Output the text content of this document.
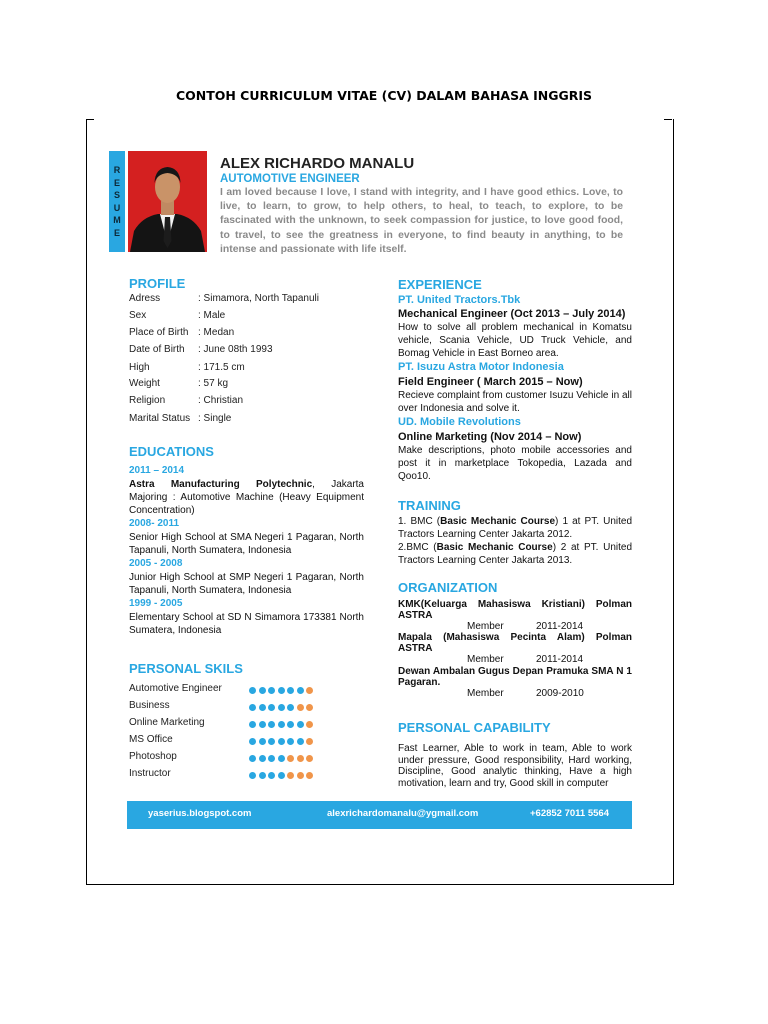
CONTOH CURRICULUM VITAE (CV) DALAM BAHASA INGGRIS
R
E
S
U
M
E
ALEX RICHARDO MANALU
AUTOMOTIVE ENGINEER
I am loved because I love, I stand with integrity, and I have good ethics. Love, to live, to learn, to grow, to help others, to heal, to teach, to explore, to be fascinated with the unknown, to seek compassion for justice, to love good food, to travel, to see the greatness in everyone, to find beauty in anything, to be intense and passionate with life itself.
PROFILE
Adress	: Simamora, North Tapanuli
Sex	: Male
Place of Birth : Medan
Date of Birth : June 08th 1993
High	: 171.5 cm
Weight	: 57 kg
Religion	: Christian
Marital Status : Single
EDUCATIONS
2011 – 2014
Astra Manufacturing Polytechnic, Jakarta Majoring : Automotive Machine (Heavy Equipment Concentration)
2008- 2011
Senior High School at SMA Negeri 1 Pagaran, North Tapanuli, North Sumatera, Indonesia
2005 - 2008
Junior High School at SMP Negeri 1 Pagaran, North Tapanuli, North Sumatera, Indonesia
1999 - 2005
Elementary School at SD N Simamora 173381 North Sumatera, Indonesia
PERSONAL SKILS
Automotive Engineer
Business
Online Marketing
MS Office
Photoshop
Instructor
EXPERIENCE
PT. United Tractors.Tbk
Mechanical Engineer (Oct 2013 – July 2014)
How to solve all problem mechanical in Komatsu vehicle, Scania Vehicle, UD Truck Vehicle, and Bomag Vehicle in East Borneo area.
PT. Isuzu Astra Motor Indonesia
Field Engineer ( March 2015 – Now)
Recieve complaint from customer Isuzu Vehicle in all over Indonesia and solve it.
UD. Mobile Revolutions
Online Marketing (Nov 2014 – Now)
Make descriptions, photo mobile accessories and post it in marketplace Tokopedia, Lazada and Qoo10.
TRAINING
1. BMC (Basic Mechanic Course) 1 at PT. United Tractors Learning Center Jakarta 2012.
2.BMC (Basic Mechanic Course) 2 at PT. United Tractors Learning Center Jakarta 2013.
ORGANIZATION
KMK(Keluarga Mahasiswa Kristiani) Polman ASTRA
Member	2011-2014
Mapala (Mahasiswa Pecinta Alam) Polman ASTRA
Member	2011-2014
Dewan Ambalan Gugus Depan Pramuka SMA N 1 Pagaran.
Member	2009-2010
PERSONAL CAPABILITY
Fast Learner, Able to work in team, Able to work under pressure, Good responsibility, Hard working, Discipline, Good analytic thinking, Have a high motivation, learn and try, Good skill in computer
yaserius.blogspot.com	alexrichardomanalu@ygmail.com	+62852 7011 5564
